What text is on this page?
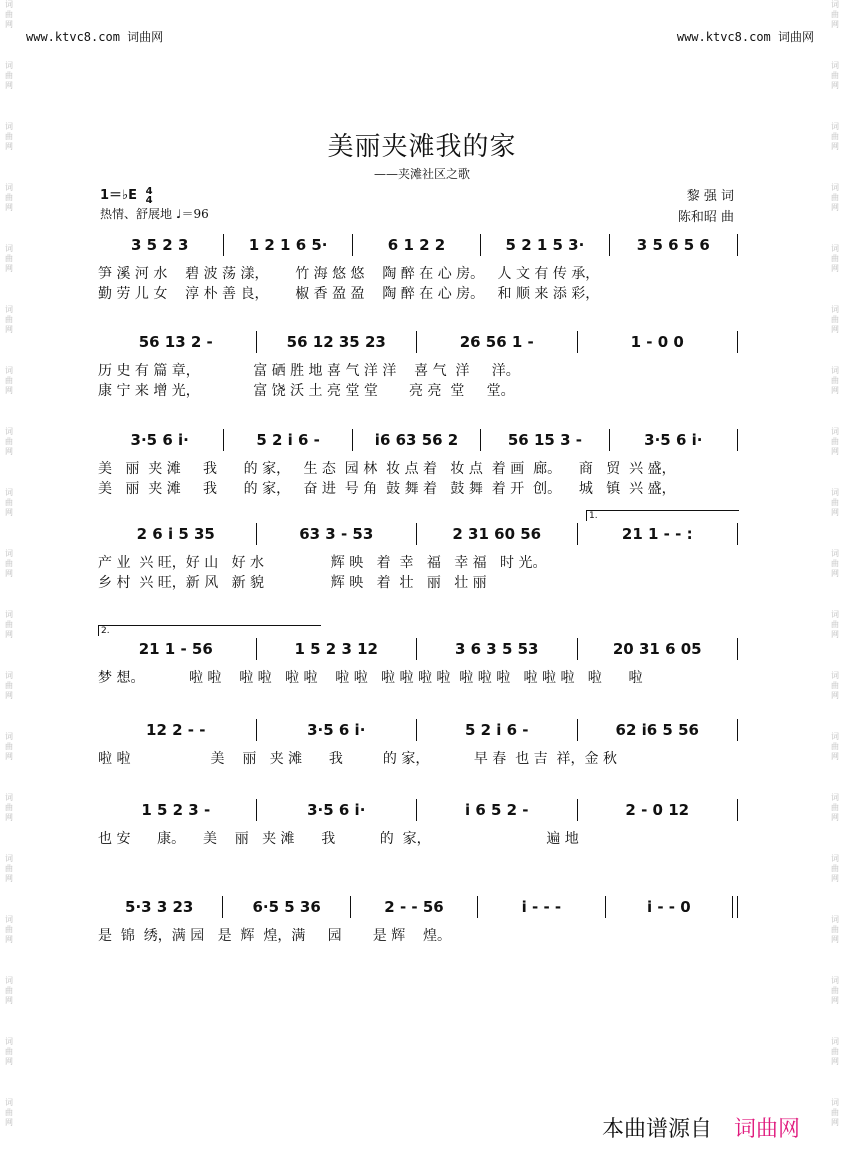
词
曲
网
词
曲
网
词
曲
网
词
曲
网
词
曲
网
词
曲
网
词
曲
网
词
曲
网
词
曲
网
词
曲
网
词
曲
网
词
曲
网
词
曲
网
词
曲
网
词
曲
网
词
曲
网
词
曲
网
词
曲
网
词
曲
网
词
曲
网
词
曲
网
词
曲
网
词
曲
网
词
曲
网
词
曲
网
词
曲
网
词
曲
网
词
曲
网
词
曲
网
词
曲
网
词
曲
网
词
曲
网
词
曲
网
词
曲
网
词
曲
网
词
曲
网
词
曲
网
词
曲
网
www.ktvc8.com 词曲网	www.ktvc8.com 词曲网
美丽夹滩我的家
——夹滩社区之歌
1＝♭E 4
4
热情、舒展地 ♩＝96
黎 强 词
陈和昭 曲
3 5 2 3	1 2 1 6 5·	6 1 2 2	5 2 1 5 3·	3 5 6 5 6
笋 溪 河 水    碧 波 荡 漾，      竹 海 悠 悠    陶 醉 在 心 房。   人 文 有 传 承，
勤 劳 儿 女    淳 朴 善 良，      椒 香 盈 盈    陶 醉 在 心 房。   和 顺 来 添 彩，
56 13 2 -	56 12 35 23	26 56 1 -	1 - 0 0
历 史 有 篇 章，            富 硒 胜 地 喜 气 洋 洋    喜 气  洋     洋。
康 宁 来 增 光，            富 饶 沃 土 亮 堂 堂       亮 亮  堂     堂。
3·5 6 i·	5 2 i 6 -	i6 63 56 2	56 15 3 -	3·5 6 i·
美   丽  夹 滩     我      的 家，   生 态  园 林  妆 点 着   妆 点  着 画  廊。    商   贸  兴 盛，
美   丽  夹 滩     我      的 家，   奋 进  号 角  鼓 舞 着   鼓 舞  着 开  创。    城   镇  兴 盛，
2 6 i 5 35	63 3 - 53	2 31 60 56	21 1 - - :
1.
产 业  兴 旺，好 山   好 水               辉 映   着  幸   福   幸 福   时 光。
乡 村  兴 旺，新 风   新 貌               辉 映   着  壮   丽   壮 丽
21 1 - 56	1 5 2 3 12	3 6 3 5 53	20 31 6 05
2.
梦 想。          啦 啦    啦 啦   啦 啦    啦 啦   啦 啦 啦 啦  啦 啦 啦   啦 啦 啦   啦      啦
12 2 - -	3·5 6 i·	5 2 i 6 -	62 i6 5 56
啦 啦                  美    丽   夹 滩      我         的 家，          早 春  也 吉  祥，金 秋
1 5 2 3 -	3·5 6 i·	i 6 5 2 -	2 - 0 12
也 安      康。    美    丽   夹 滩      我          的  家，                          遍 地
5·3 3 23	6·5 5 36	2 - - 56	i - - -	i - - 0
是  锦  绣，满 园   是  辉  煌，满     园       是 辉    煌。
本曲谱源自 词曲网
